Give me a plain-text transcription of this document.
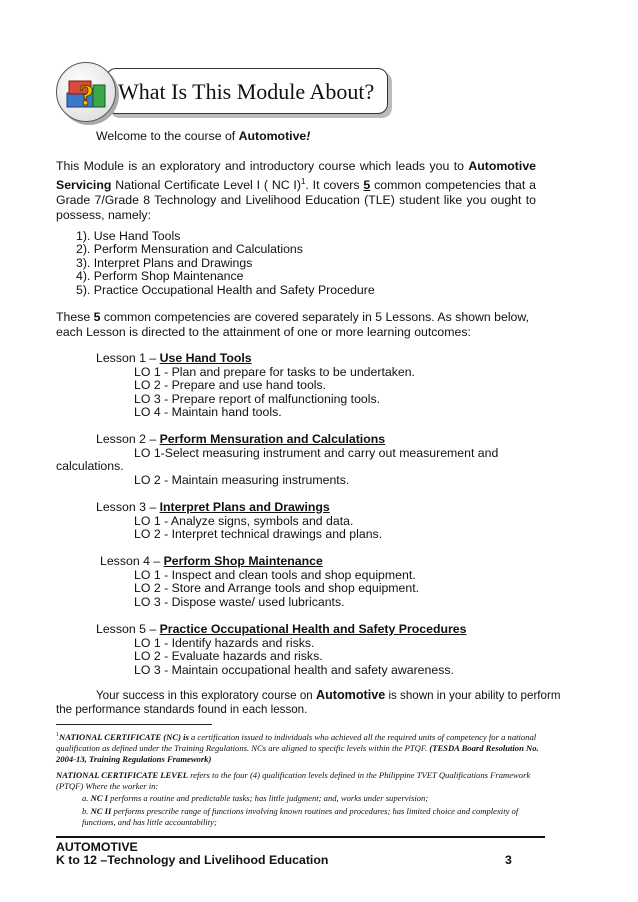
? What Is This Module About?
Welcome to the course of Automotive!
This Module is an exploratory and introductory course which leads you to Automotive Servicing National Certificate Level I ( NC I)$^1$. It covers 5 common competencies that a Grade 7/Grade 8 Technology and Livelihood Education (TLE) student like you ought to possess, namely:
1). Use Hand Tools
2). Perform Mensuration and Calculations
3). Interpret Plans and Drawings
4). Perform Shop Maintenance
5). Practice Occupational Health and Safety Procedure
These 5 common competencies are covered separately in 5 Lessons. As shown below, each Lesson is directed to the attainment of one or more learning outcomes:
Lesson 1 – Use Hand Tools
LO 1 - Plan and prepare for tasks to be undertaken.
LO 2 - Prepare and use hand tools.
LO 3 - Prepare report of malfunctioning tools.
LO 4 - Maintain hand tools.
Lesson 2 – Perform Mensuration and Calculations
LO 1-Select measuring instrument and carry out measurement and
calculations.
LO 2 - Maintain measuring instruments.
Lesson 3 – Interpret Plans and Drawings
LO 1 - Analyze signs, symbols and data.
LO 2 - Interpret technical drawings and plans.
Lesson 4 – Perform Shop Maintenance
LO 1 - Inspect and clean tools and shop equipment.
LO 2 - Store and Arrange tools and shop equipment.
LO 3 - Dispose waste/ used lubricants.
Lesson 5 – Practice Occupational Health and Safety Procedures
LO 1 - Identify hazards and risks.
LO 2 - Evaluate hazards and risks.
LO 3 - Maintain occupational health and safety awareness.
Your success in this exploratory course on Automotive is shown in your ability to perform
the performance standards found in each lesson.
$^1$NATIONAL CERTIFICATE (NC) is a certification issued to individuals who achieved all the required units of competency for a national qualification as defined under the Training Regulations. NCs are aligned to specific levels within the PTQF. (TESDA Board Resolution No. 2004-13, Training Regulations Framework)
NATIONAL CERTIFICATE LEVEL refers to the four (4) qualification levels defined in the Philippine TVET Qualifications Framework (PTQF) Where the worker in:
a. NC I performs a routine and predictable tasks; has little judgment; and, works under supervision;
b. NC II performs prescribe range of functions involving known routines and procedures; has limited choice and complexity of functions, and has little accountability;
AUTOMOTIVE
K to 12 –Technology and Livelihood Education	3
